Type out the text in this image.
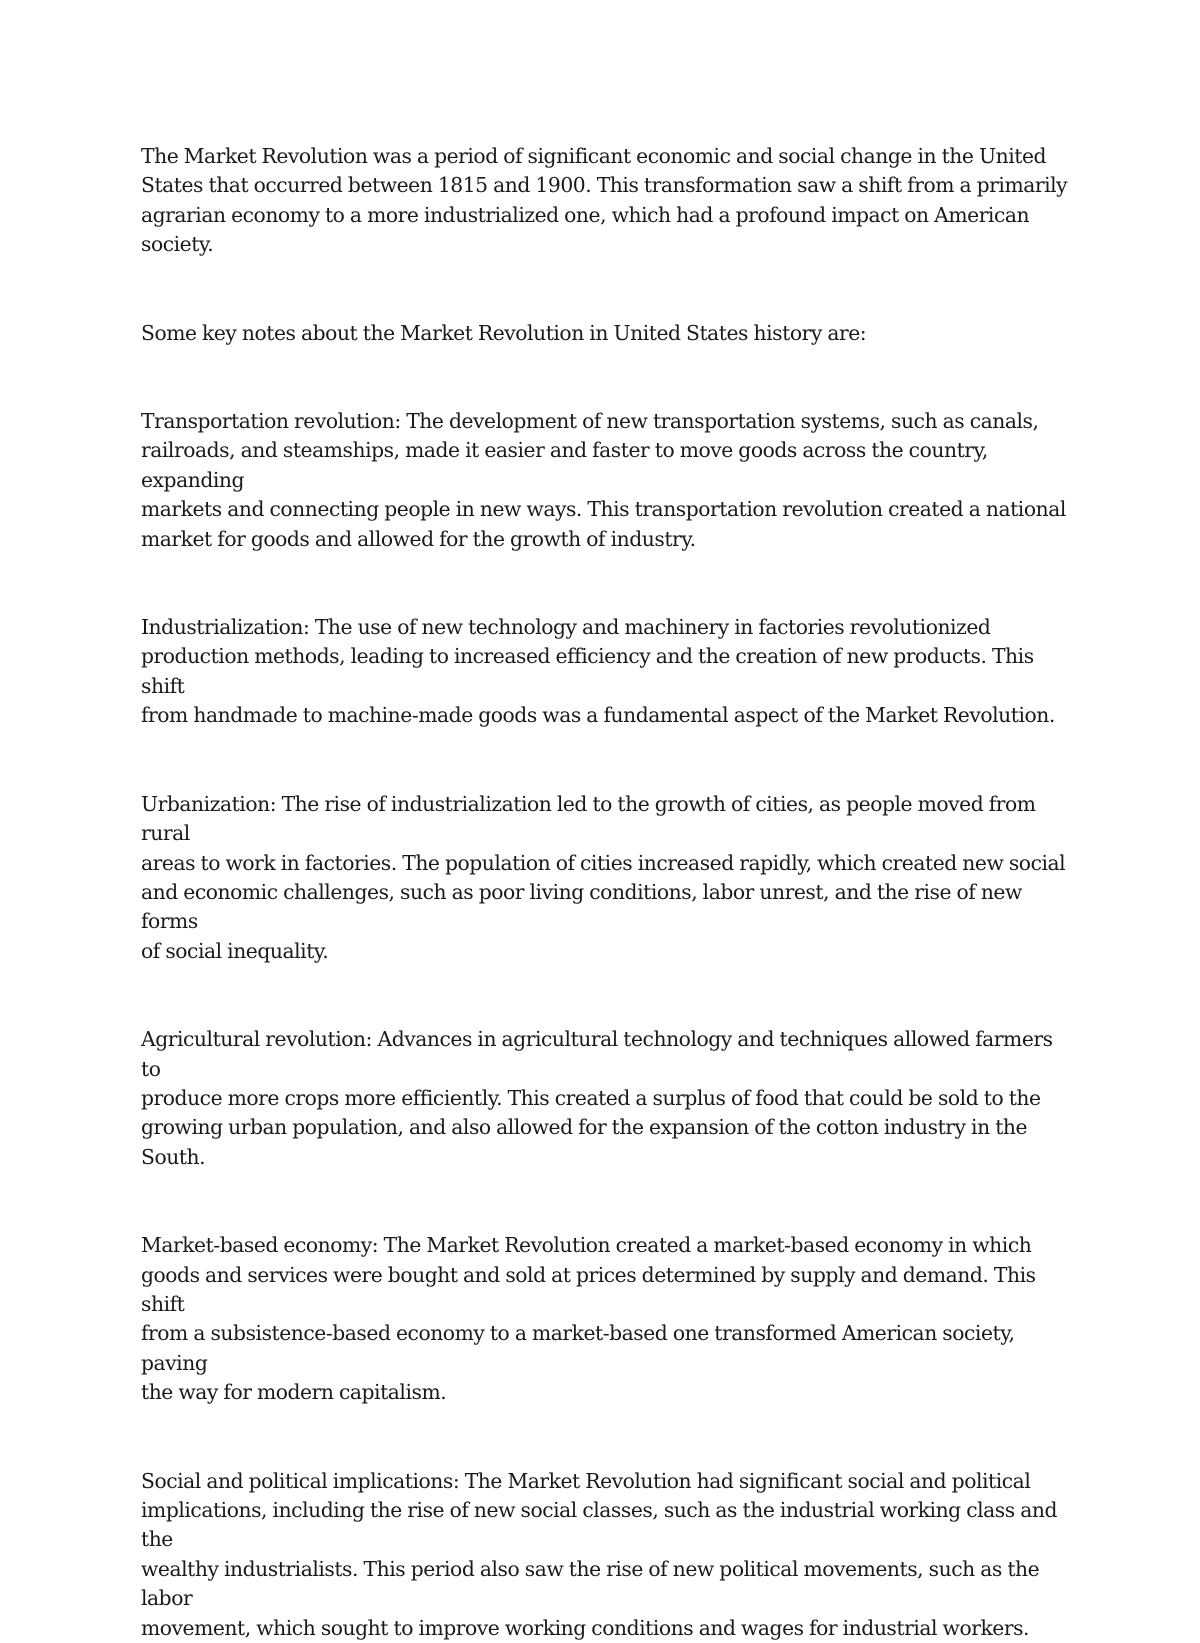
The Market Revolution was a period of significant economic and social change in the United
States that occurred between 1815 and 1900. This transformation saw a shift from a primarily
agrarian economy to a more industrialized one, which had a profound impact on American
society.

Some key notes about the Market Revolution in United States history are:

Transportation revolution: The development of new transportation systems, such as canals,
railroads, and steamships, made it easier and faster to move goods across the country, expanding
markets and connecting people in new ways. This transportation revolution created a national
market for goods and allowed for the growth of industry.

Industrialization: The use of new technology and machinery in factories revolutionized
production methods, leading to increased efficiency and the creation of new products. This shift
from handmade to machine-made goods was a fundamental aspect of the Market Revolution.

Urbanization: The rise of industrialization led to the growth of cities, as people moved from rural
areas to work in factories. The population of cities increased rapidly, which created new social
and economic challenges, such as poor living conditions, labor unrest, and the rise of new forms
of social inequality.

Agricultural revolution: Advances in agricultural technology and techniques allowed farmers to
produce more crops more efficiently. This created a surplus of food that could be sold to the
growing urban population, and also allowed for the expansion of the cotton industry in the South.

Market-based economy: The Market Revolution created a market-based economy in which
goods and services were bought and sold at prices determined by supply and demand. This shift
from a subsistence-based economy to a market-based one transformed American society, paving
the way for modern capitalism.

Social and political implications: The Market Revolution had significant social and political
implications, including the rise of new social classes, such as the industrial working class and the
wealthy industrialists. This period also saw the rise of new political movements, such as the labor
movement, which sought to improve working conditions and wages for industrial workers.
